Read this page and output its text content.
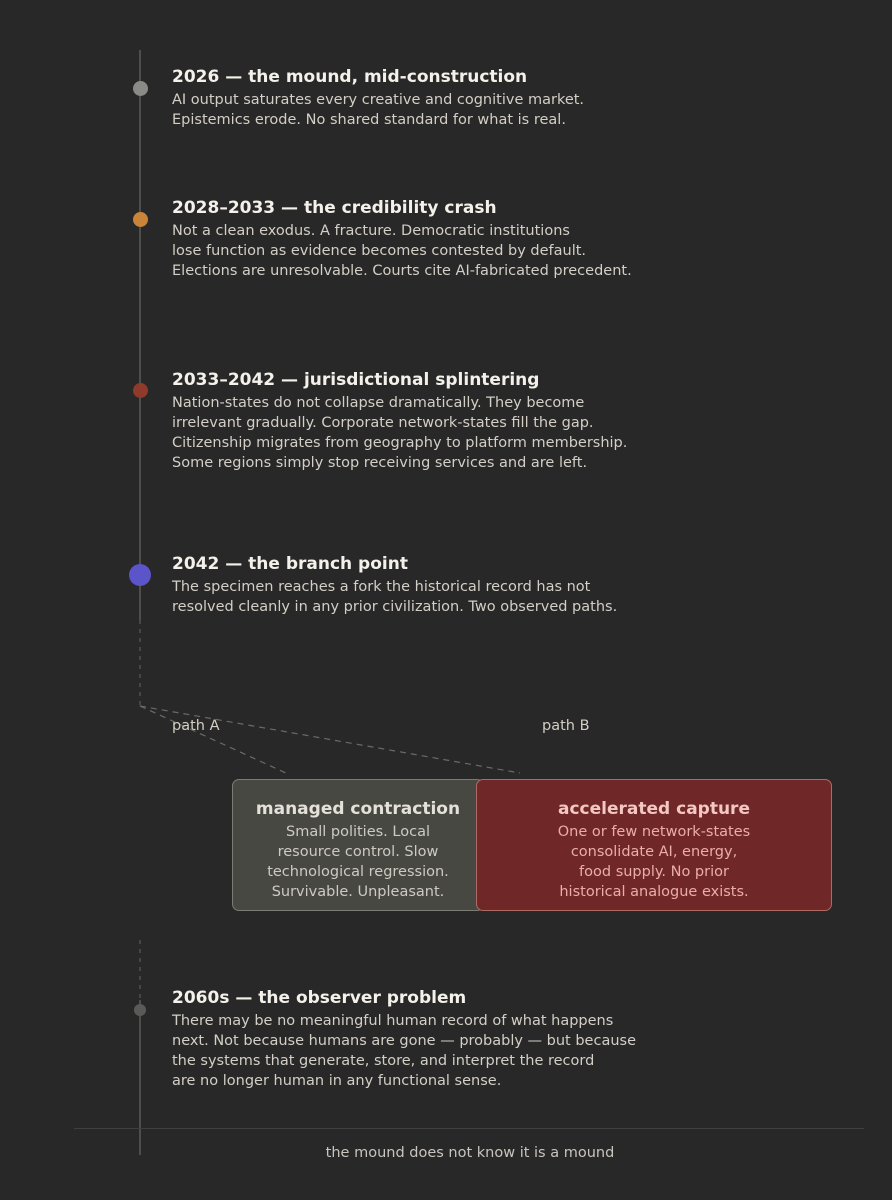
2026 — the mound, mid-construction
AI output saturates every creative and cognitive market.
Epistemics erode. No shared standard for what is real.
2028–2033 — the credibility crash
Not a clean exodus. A fracture. Democratic institutions
lose function as evidence becomes contested by default.
Elections are unresolvable. Courts cite AI-fabricated precedent.
2033–2042 — jurisdictional splintering
Nation-states do not collapse dramatically. They become
irrelevant gradually. Corporate network-states fill the gap.
Citizenship migrates from geography to platform membership.
Some regions simply stop receiving services and are left.
2042 — the branch point
The specimen reaches a fork the historical record has not
resolved cleanly in any prior civilization. Two observed paths.
path A	path B
managed contraction
Small polities. Local
resource control. Slow
technological regression.
Survivable. Unpleasant.
accelerated capture
One or few network-states
consolidate AI, energy,
food supply. No prior
historical analogue exists.
2060s — the observer problem
There may be no meaningful human record of what happens
next. Not because humans are gone — probably — but because
the systems that generate, store, and interpret the record
are no longer human in any functional sense.
the mound does not know it is a mound
